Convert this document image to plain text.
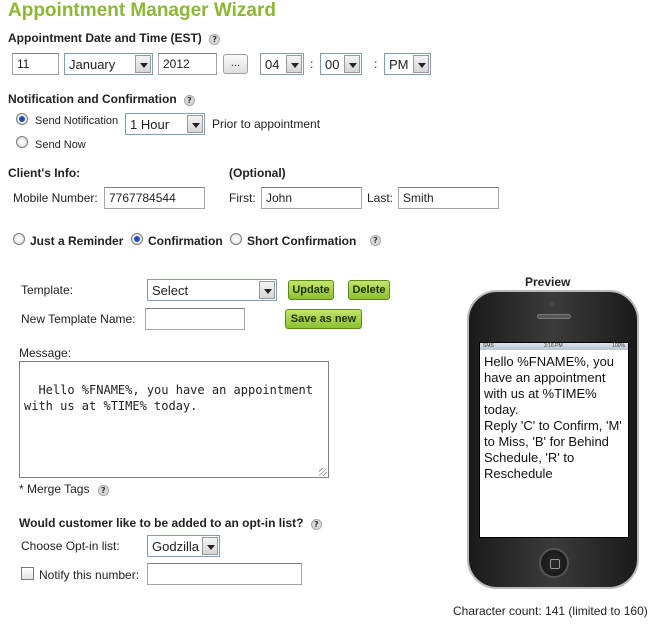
Appointment Manager Wizard
Appointment Date and Time (EST) ?
11	January	2012	...	04	: 00	: PM
Notification and Confirmation ?
Send Notification 1 Hour	Prior to appointment
Send Now
Client's Info:	(Optional)
Mobile Number: 7767784544	First: John	Last: Smith
Just a Reminder Confirmation Short Confirmation	?
Template:	Select	Update	Delete
New Template Name:	Save as new
Message:

Hello %FNAME%, you have an appointment
with us at %TIME% today.

* Merge Tags ?
Would customer like to be added to an opt-in list? ?
Choose Opt-in list:	Godzilla
Notify this number:
Preview
SMS	3:16 PM	100%
Hello %FNAME%, you have an appointment with us at %TIME% today.
Reply 'C' to Confirm, 'M' to Miss, 'B' for Behind Schedule, 'R' to Reschedule
Character count: 141 (limited to 160)
